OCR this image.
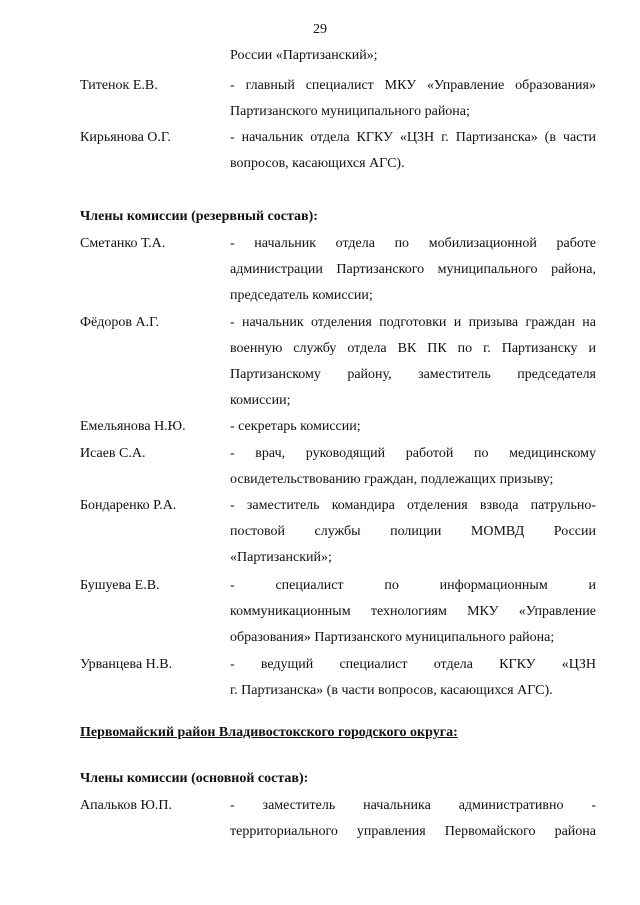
29
России «Партизанский»;
Титенок Е.В.	- главный специалист МКУ «Управление образования»
Партизанского муниципального района;
Кирьянова О.Г.	- начальник отдела КГКУ «ЦЗН г. Партизанска» (в части
вопросов, касающихся АГС).
Члены комиссии (резервный состав):
Сметанко Т.А.	- начальник отдела по мобилизационной работе
администрации Партизанского муниципального района,
председатель комиссии;
Фёдоров А.Г.	- начальник отделения подготовки и призыва граждан на
военную службу отдела ВК ПК по г. Партизанску и
Партизанскому району, заместитель председателя
комиссии;
Емельянова Н.Ю.	- секретарь комиссии;
Исаев С.А.	- врач, руководящий работой по медицинскому
освидетельствованию граждан, подлежащих призыву;
Бондаренко Р.А.	- заместитель командира отделения взвода патрульно-
постовой службы полиции МОМВД России
«Партизанский»;
Бушуева Е.В.	- специалист по информационным и
коммуникационным технологиям МКУ «Управление
образования» Партизанского муниципального района;
Урванцева Н.В.	- ведущий специалист отдела КГКУ «ЦЗН
г. Партизанска» (в части вопросов, касающихся АГС).
Первомайский район Владивостокского городского округа:
Члены комиссии (основной состав):
Апальков Ю.П.	- заместитель начальника административно -
территориального управления Первомайского района
